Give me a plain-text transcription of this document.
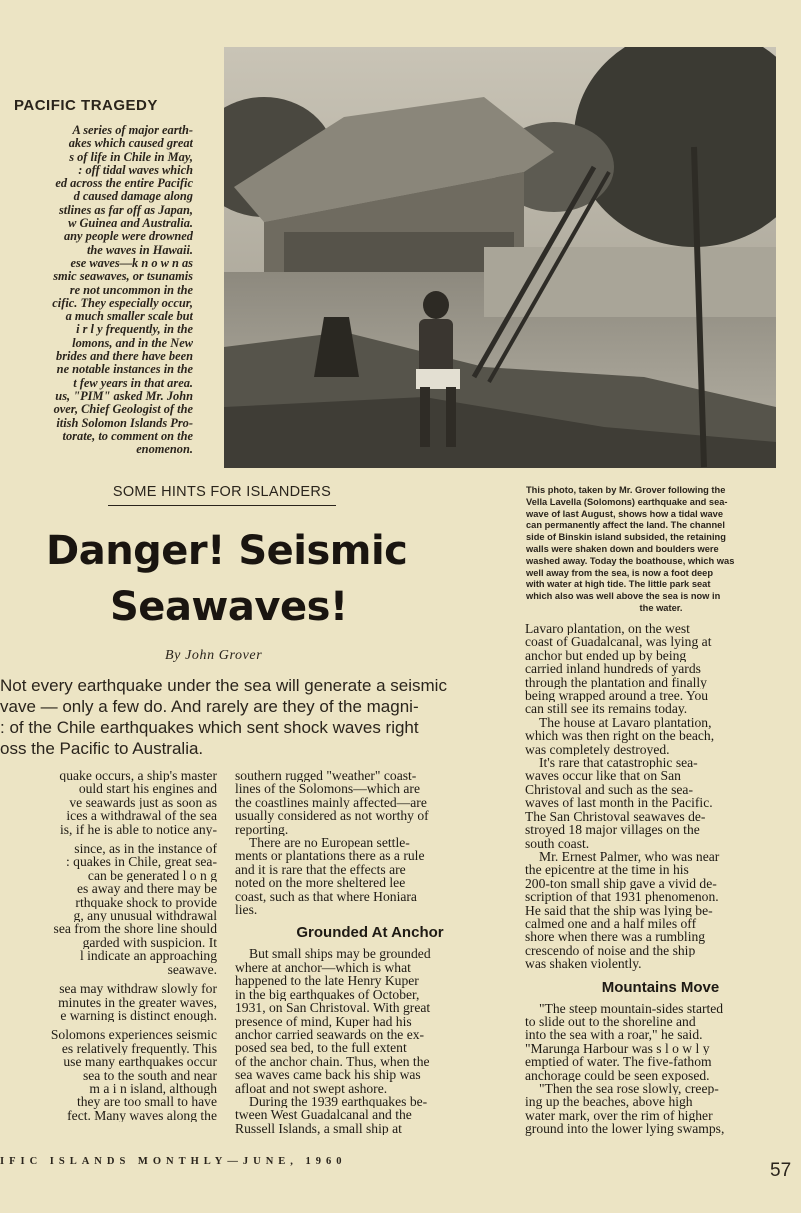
PACIFIC TRAGEDY
A series of major earth-
akes which caused great
s of life in Chile in May,
: off tidal waves which
ed across the entire Pacific
d caused damage along
stlines as far off as Japan,
w Guinea and Australia.
any people were drowned
the waves in Hawaii.
ese waves—k n o w n as
smic seawaves, or tsunamis
re not uncommon in the
cific. They especially occur,
a much smaller scale but
i r l y frequently, in the
lomons, and in the New
brides and there have been
ne notable instances in the
t few years in that area.
us, "PIM" asked Mr. John
over, Chief Geologist of the
itish Solomon Islands Pro-
torate, to comment on the
enomenon.
This photo, taken by Mr. Grover following the
Vella Lavella (Solomons) earthquake and sea-
wave of last August, shows how a tidal wave
can permanently affect the land. The channel
side of Binskin island subsided, the retaining
walls were shaken down and boulders were
washed away. Today the boathouse, which was
well away from the sea, is now a foot deep
with water at high tide. The little park seat
which also was well above the sea is now in
the water.
SOME HINTS FOR ISLANDERS
Danger! Seismic
Seawaves!
By John Grover
Not every earthquake under the sea will generate a seismic
vave — only a few do. And rarely are they of the magni-
: of the Chile earthquakes which sent shock waves right
oss the Pacific to Australia.
quake occurs, a ship's master
ould start his engines and
ve seawards just as soon as
ices a withdrawal of the sea
is, if he is able to notice any-
since, as in the instance of
: quakes in Chile, great sea-
can be generated l o n g
es away and there may be
rthquake shock to provide
g, any unusual withdrawal
sea from the shore line should
garded with suspicion. It
l indicate an approaching
seawave.
sea may withdraw slowly for
minutes in the greater waves,
e warning is distinct enough.
Solomons experiences seismic
es relatively frequently. This
use many earthquakes occur
sea to the south and near
m a i n island, although
they are too small to have
fect. Many waves along the
southern rugged "weather" coast-
lines of the Solomons—which are
the coastlines mainly affected—are
usually considered as not worthy of
reporting.
There are no European settle-
ments or plantations there as a rule
and it is rare that the effects are
noted on the more sheltered lee
coast, such as that where Honiara
lies.
Grounded At Anchor
But small ships may be grounded
where at anchor—which is what
happened to the late Henry Kuper
in the big earthquakes of October,
1931, on San Christoval. With great
presence of mind, Kuper had his
anchor carried seawards on the ex-
posed sea bed, to the full extent
of the anchor chain. Thus, when the
sea waves came back his ship was
afloat and not swept ashore.
During the 1939 earthquakes be-
tween West Guadalcanal and the
Russell Islands, a small ship at
Lavaro plantation, on the west
coast of Guadalcanal, was lying at
anchor but ended up by being
carried inland hundreds of yards
through the plantation and finally
being wrapped around a tree. You
can still see its remains today.
The house at Lavaro plantation,
which was then right on the beach,
was completely destroyed.
It's rare that catastrophic sea-
waves occur like that on San
Christoval and such as the sea-
waves of last month in the Pacific.
The San Christoval seawaves de-
stroyed 18 major villages on the
south coast.
Mr. Ernest Palmer, who was near
the epicentre at the time in his
200-ton small ship gave a vivid de-
scription of that 1931 phenomenon.
He said that the ship was lying be-
calmed one and a half miles off
shore when there was a rumbling
crescendo of noise and the ship
was shaken violently.
Mountains Move
"The steep mountain-sides started
to slide out to the shoreline and
into the sea with a roar," he said.
"Marunga Harbour was s l o w l y
emptied of water. The five-fathom
anchorage could be seen exposed.
"Then the sea rose slowly, creep-
ing up the beaches, above high
water mark, over the rim of higher
ground into the lower lying swamps,
IFIC ISLANDS MONTHLY—JUNE, 1960	57
